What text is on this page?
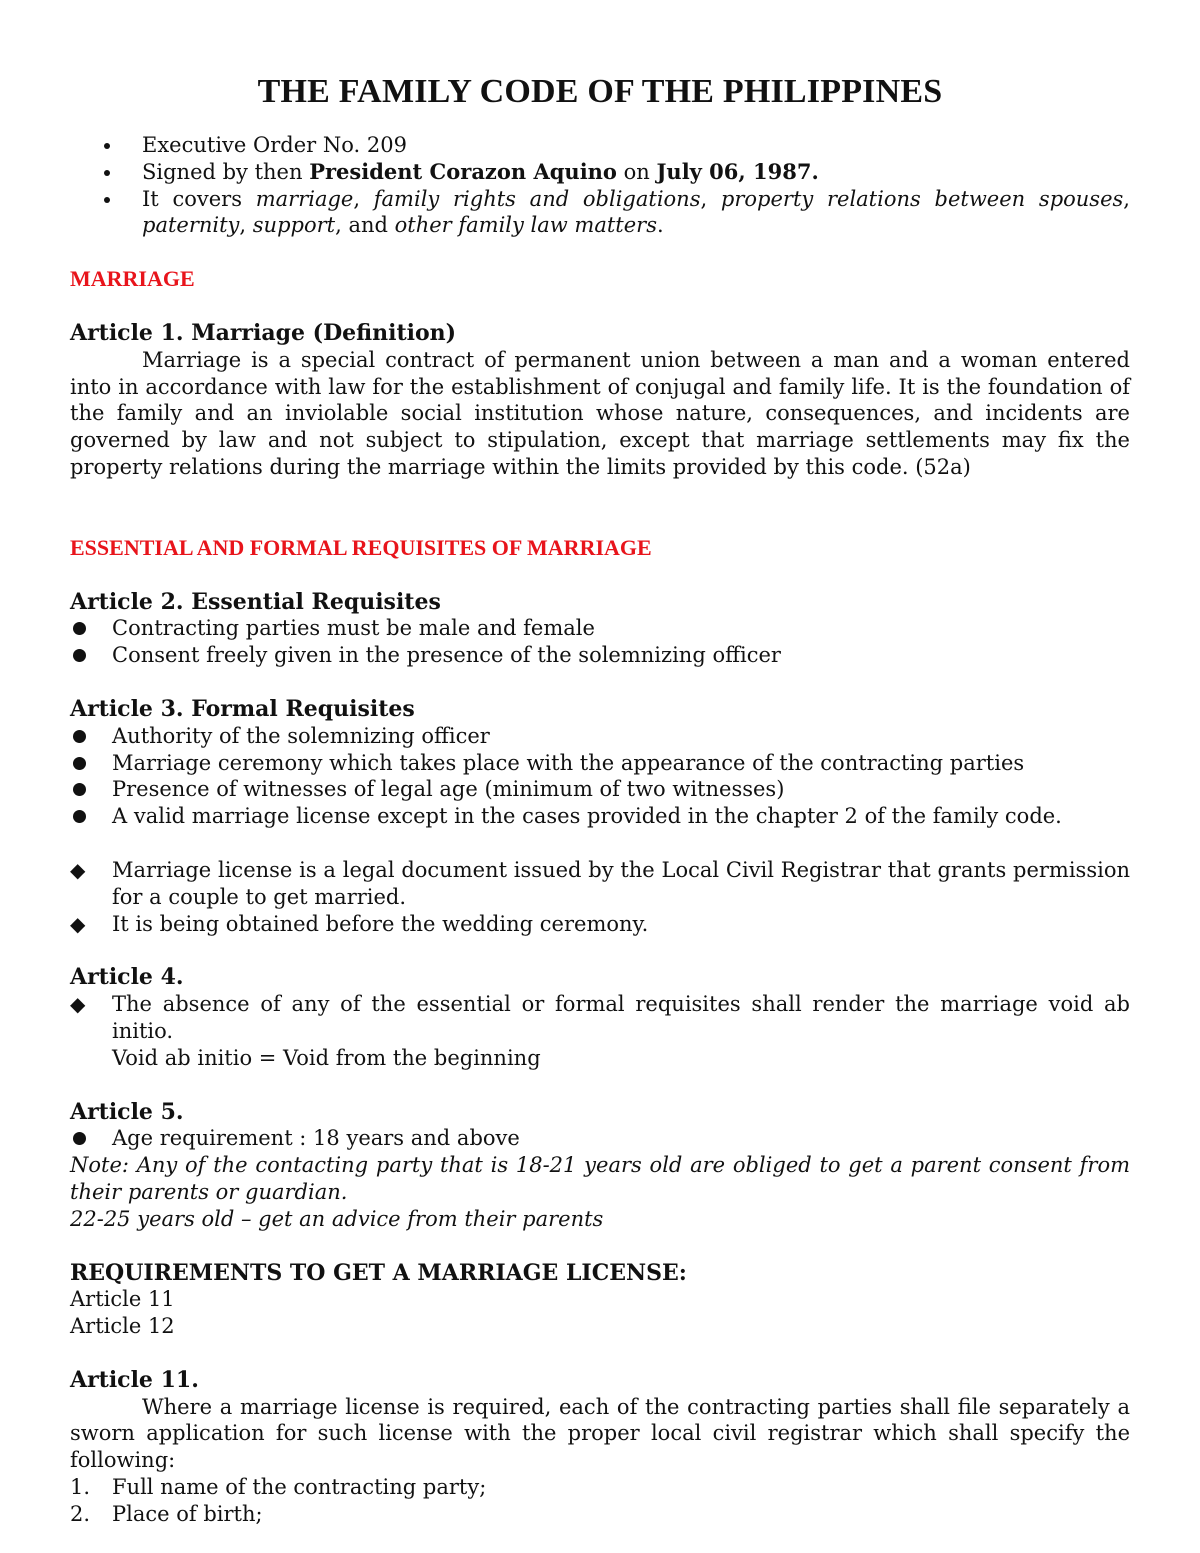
THE FAMILY CODE OF THE PHILIPPINES
Executive Order No. 209
Signed by then President Corazon Aquino on July 06, 1987.
It covers marriage, family rights and obligations, property relations between spouses, paternity, support, and other family law matters.
MARRIAGE
Article 1. Marriage (Definition)

Marriage is a special contract of permanent union between a man and a woman entered into in accordance with law for the establishment of conjugal and family life. It is the foundation of the family and an inviolable social institution whose nature, consequences, and incidents are governed by law and not subject to stipulation, except that marriage settlements may fix the property relations during the marriage within the limits provided by this code. (52a)

ESSENTIAL AND FORMAL REQUISITES OF MARRIAGE
Article 2. Essential Requisites
Contracting parties must be male and female
Consent freely given in the presence of the solemnizing officer
Article 3. Formal Requisites
Authority of the solemnizing officer
Marriage ceremony which takes place with the appearance of the contracting parties
Presence of witnesses of legal age (minimum of two witnesses)
A valid marriage license except in the cases provided in the chapter 2 of the family code.
◆ Marriage license is a legal document issued by the Local Civil Registrar that grants permission for a couple to get married.
◆ It is being obtained before the wedding ceremony.
Article 4.
◆ The absence of any of the essential or formal requisites shall render the marriage void ab initio.
Void ab initio = Void from the beginning
Article 5.
Age requirement : 18 years and above

Note: Any of the contacting party that is 18-21 years old are obliged to get a parent consent from their parents or guardian.

22-25 years old – get an advice from their parents

REQUIREMENTS TO GET A MARRIAGE LICENSE:

Article 11

Article 12

Article 11.

Where a marriage license is required, each of the contracting parties shall file separately a sworn application for such license with the proper local civil registrar which shall specify the following:

1. Full name of the contracting party;
2. Place of birth;
